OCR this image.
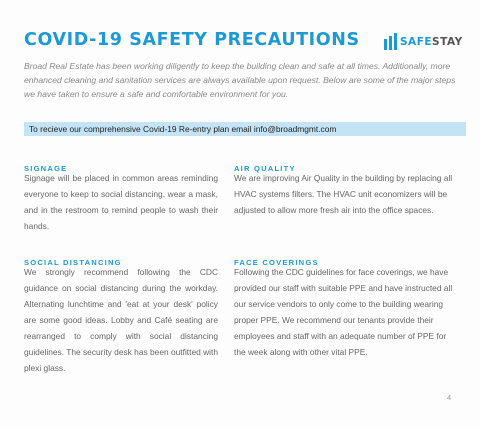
COVID-19 SAFETY PRECAUTIONS	SAFE STAY
Broad Real Estate has been working diligently to keep the building clean and safe at all times. Additionally, more enhanced cleaning and sanitation services are always available upon request. Below are some of the major steps we have taken to ensure a safe and comfortable environment for you.
To recieve our comprehensive Covid-19 Re-entry plan email info@broadmgmt.com
SIGNAGE
Signage will be placed in common areas reminding everyone to keep to social distancing, wear a mask, and in the restroom to remind people to wash their hands.
AIR QUALITY
We are improving Air Quality in the building by replacing all HVAC systems filters. The HVAC unit economizers will be adjusted to allow more fresh air into the office spaces.
SOCIAL DISTANCING
We strongly recommend following the CDC guidance on social distancing during the workday. Alternating lunchtime and 'eat at your desk' policy are some good ideas. Lobby and Café seating are rearranged to comply with social distancing guidelines. The security desk has been outfitted with plexi glass.
FACE COVERINGS
Following the CDC guidelines for face coverings, we have provided our staff with suitable PPE and have instructed all our service vendors to only come to the building wearing proper PPE. We recommend our tenants provide their employees and staff with an adequate number of PPE for the week along with other vital PPE.
4
